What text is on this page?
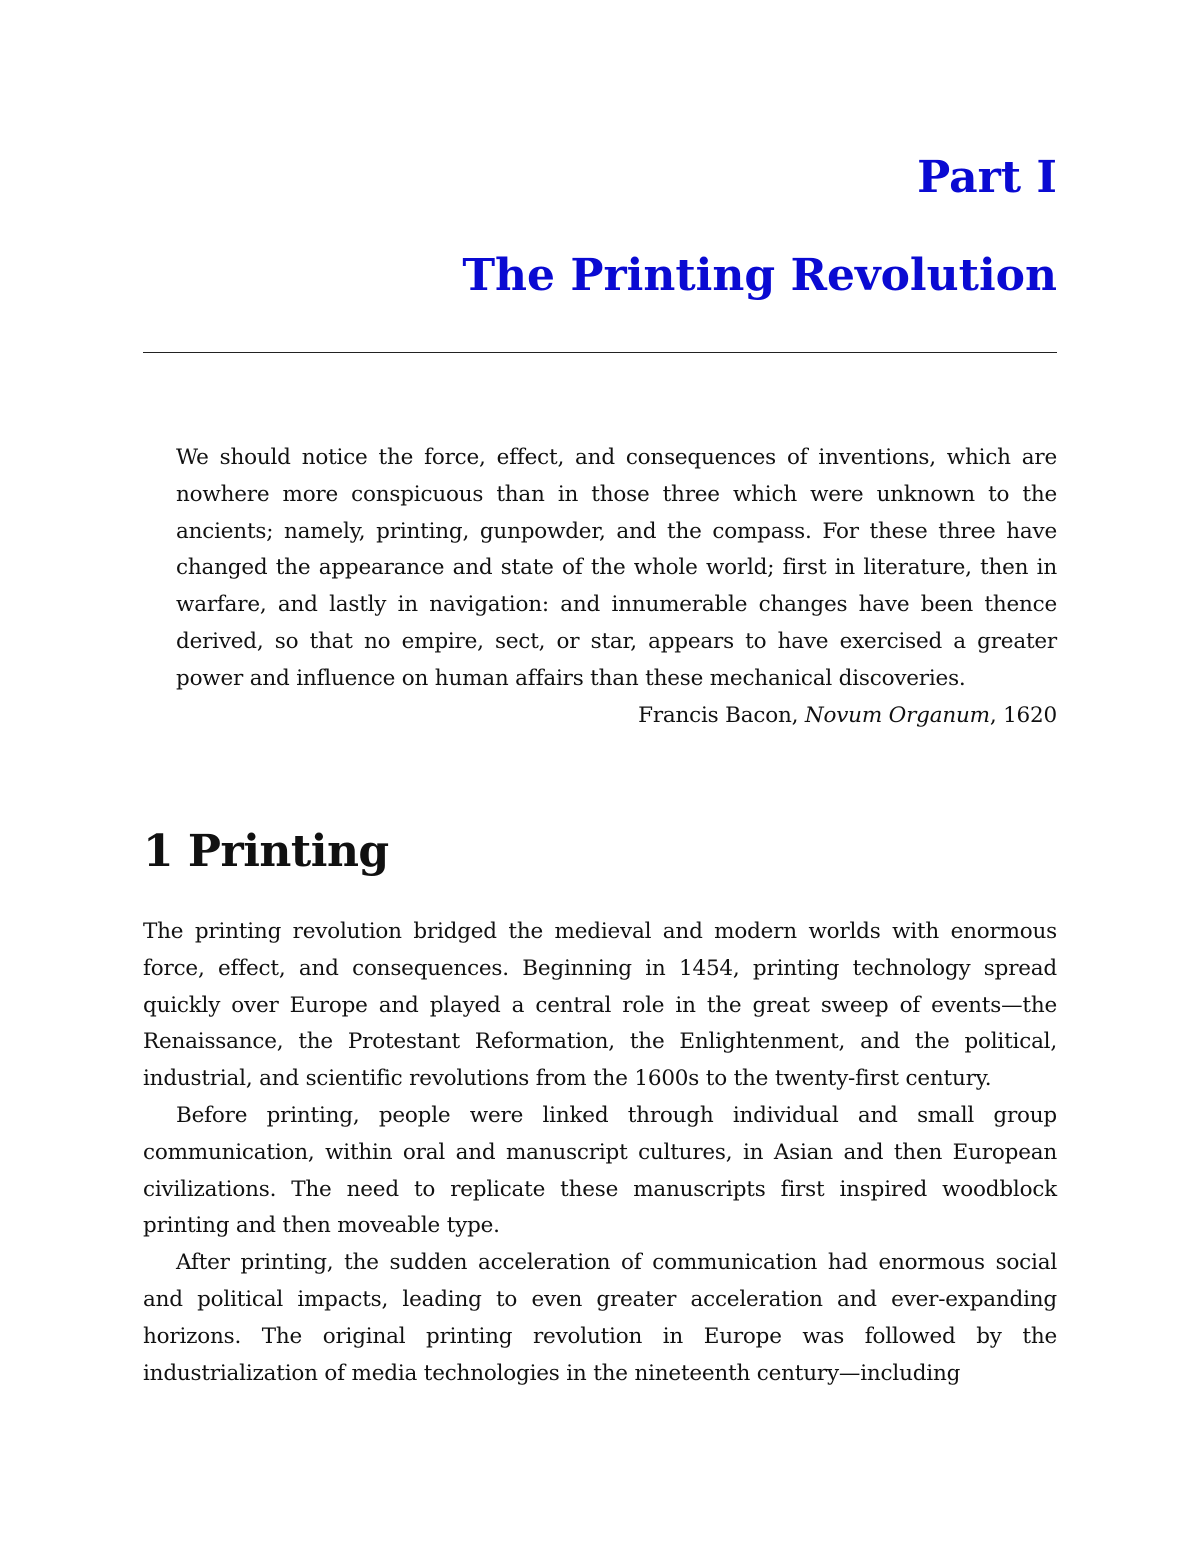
Part I
The Printing Revolution

We should notice the force, effect, and consequences of inventions, which are nowhere more conspicuous than in those three which were unknown to the ancients; namely, printing, gunpowder, and the compass. For these three have changed the appearance and state of the whole world; first in literature, then in warfare, and lastly in navigation: and innumerable changes have been thence derived, so that no empire, sect, or star, appears to have exercised a greater power and influence on human affairs than these mechanical discoveries.

Francis Bacon, Novum Organum, 1620

1 Printing

The printing revolution bridged the medieval and modern worlds with enormous force, effect, and consequences. Beginning in 1454, printing technology spread quickly over Europe and played a central role in the great sweep of events—the Renaissance, the Protestant Reformation, the Enlightenment, and the political, industrial, and scientific revolutions from the 1600s to the twenty-first century.

Before printing, people were linked through individual and small group communication, within oral and manuscript cultures, in Asian and then European civilizations. The need to replicate these manuscripts first inspired woodblock printing and then moveable type.

After printing, the sudden acceleration of communication had enormous social and political impacts, leading to even greater acceleration and ever-expanding horizons. The original printing revolution in Europe was followed by the industrialization of media technologies in the nineteenth century—including
